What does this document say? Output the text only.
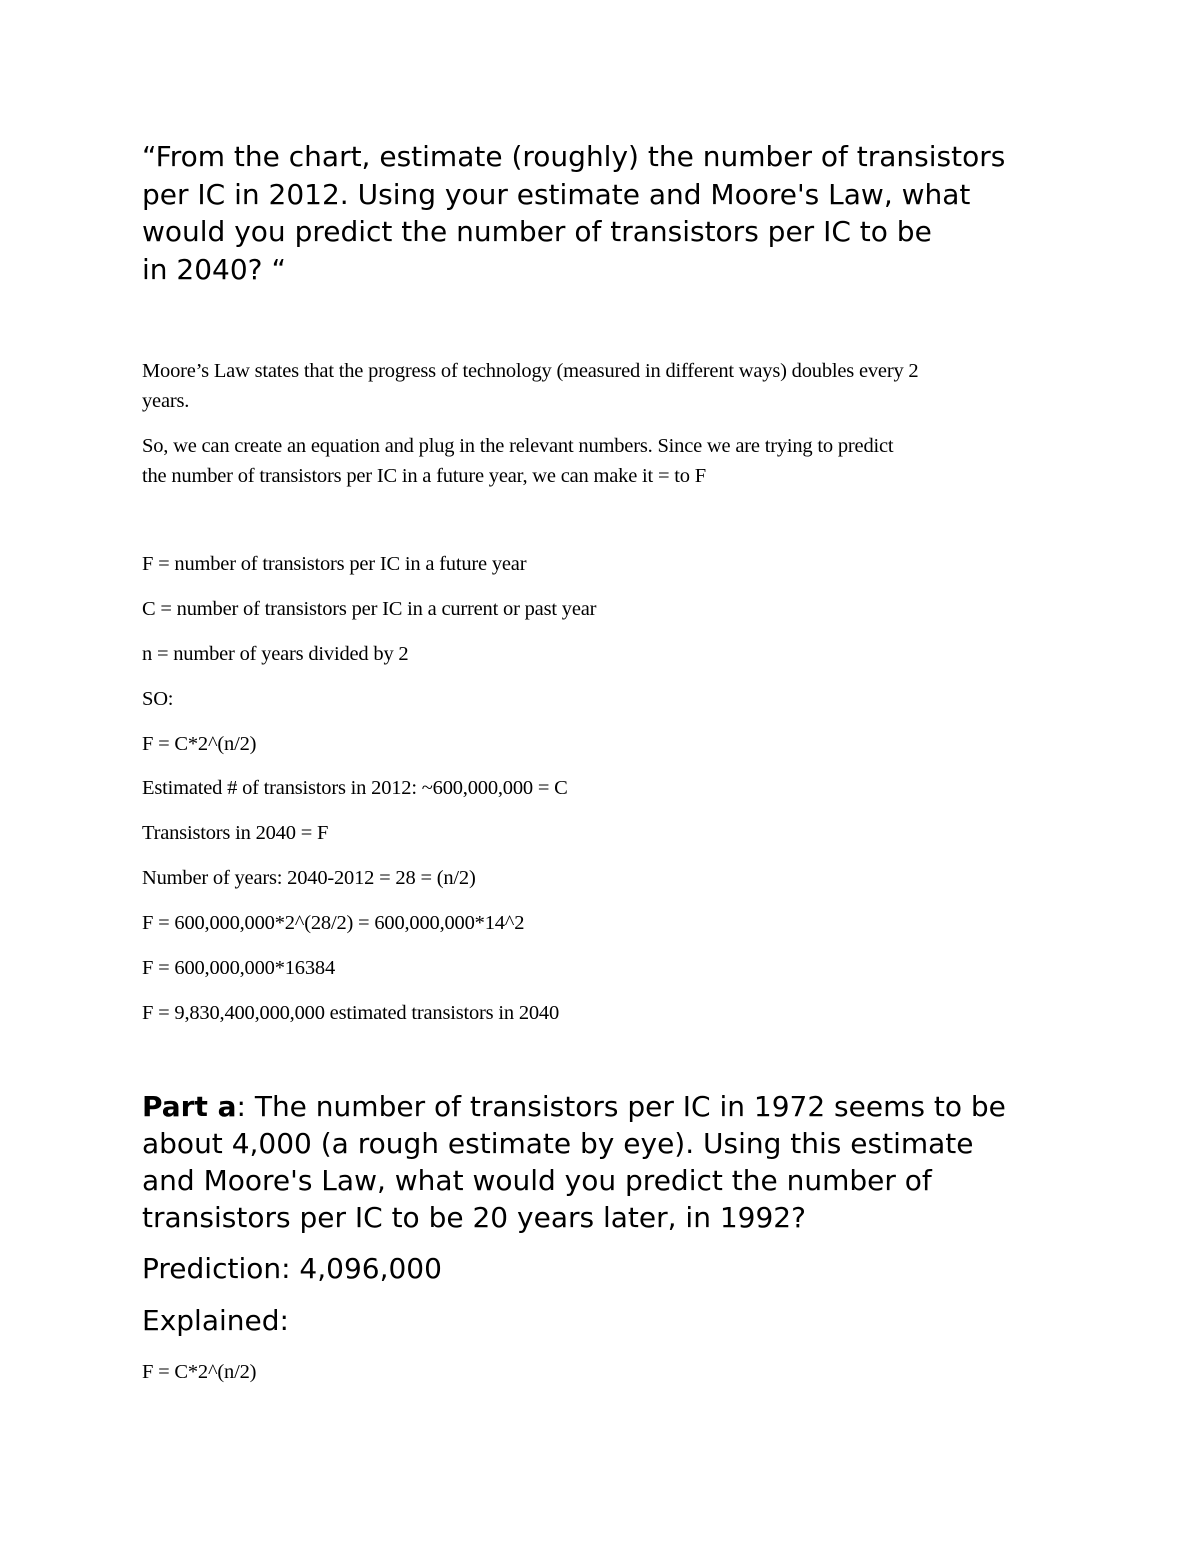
“From the chart, estimate (roughly) the number of transistors
per IC in 2012. Using your estimate and Moore's Law, what
would you predict the number of transistors per IC to be
in 2040? “
Moore’s Law states that the progress of technology (measured in different ways) doubles every 2
years.
So, we can create an equation and plug in the relevant numbers. Since we are trying to predict
the number of transistors per IC in a future year, we can make it = to F

F = number of transistors per IC in a future year

C = number of transistors per IC in a current or past year

n = number of years divided by 2

SO:

F = C*2^(n/2)

Estimated # of transistors in 2012: ~600,000,000 = C

Transistors in 2040 = F

Number of years: 2040-2012 = 28 = (n/2)

F = 600,000,000*2^(28/2) = 600,000,000*14^2

F = 600,000,000*16384

F = 9,830,400,000,000 estimated transistors in 2040

Part a: The number of transistors per IC in 1972 seems to be
about 4,000 (a rough estimate by eye). Using this estimate
and Moore's Law, what would you predict the number of
transistors per IC to be 20 years later, in 1992?

Prediction: 4,096,000

Explained:

F = C*2^(n/2)
